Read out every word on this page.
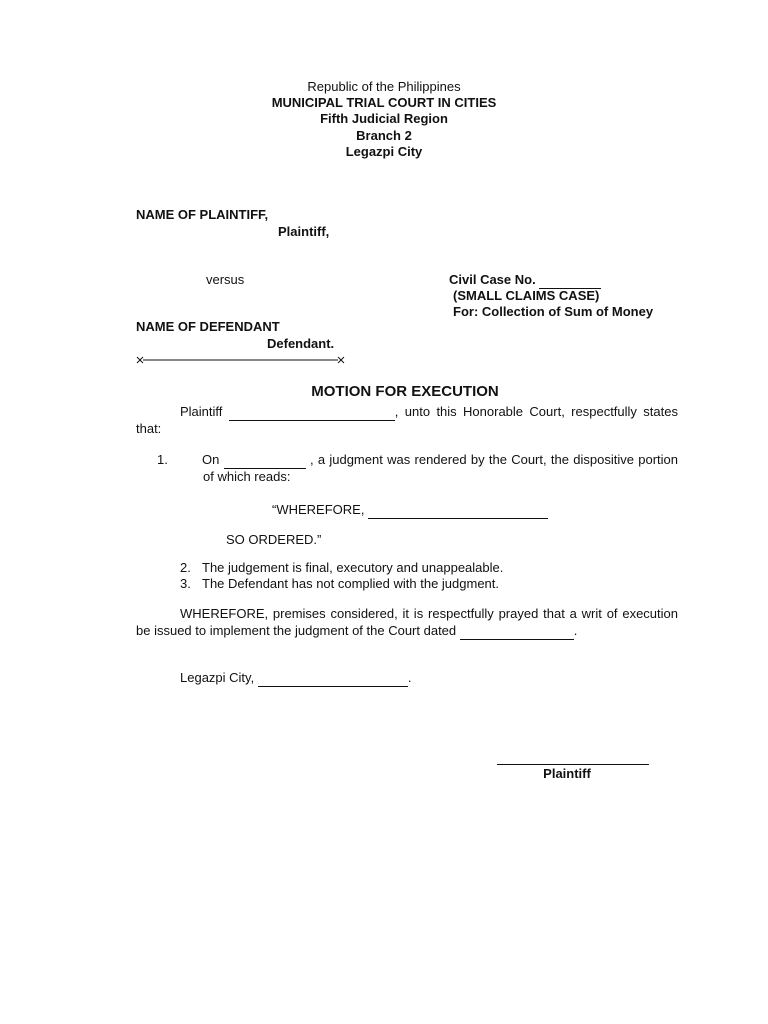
Republic of the Philippines
MUNICIPAL TRIAL COURT IN CITIES
Fifth Judicial Region
Branch 2
Legazpi City
NAME OF PLAINTIFF,
Plaintiff,
versus	Civil Case No.
(SMALL CLAIMS CASE)
For: Collection of Sum of Money
NAME OF DEFENDANT
Defendant.
MOTION FOR EXECUTION
Plaintiff	, unto this Honorable Court, respectfully states that:
1.	On	, a judgment was rendered by the Court, the dispositive portion of which reads:
“WHEREFORE,
SO ORDERED.”
2. The judgement is final, executory and unappealable.
3. The Defendant has not complied with the judgment.
WHEREFORE, premises considered, it is respectfully prayed that a writ of execution be issued to implement the judgment of the Court dated	.
Legazpi City,	.
Plaintiff
